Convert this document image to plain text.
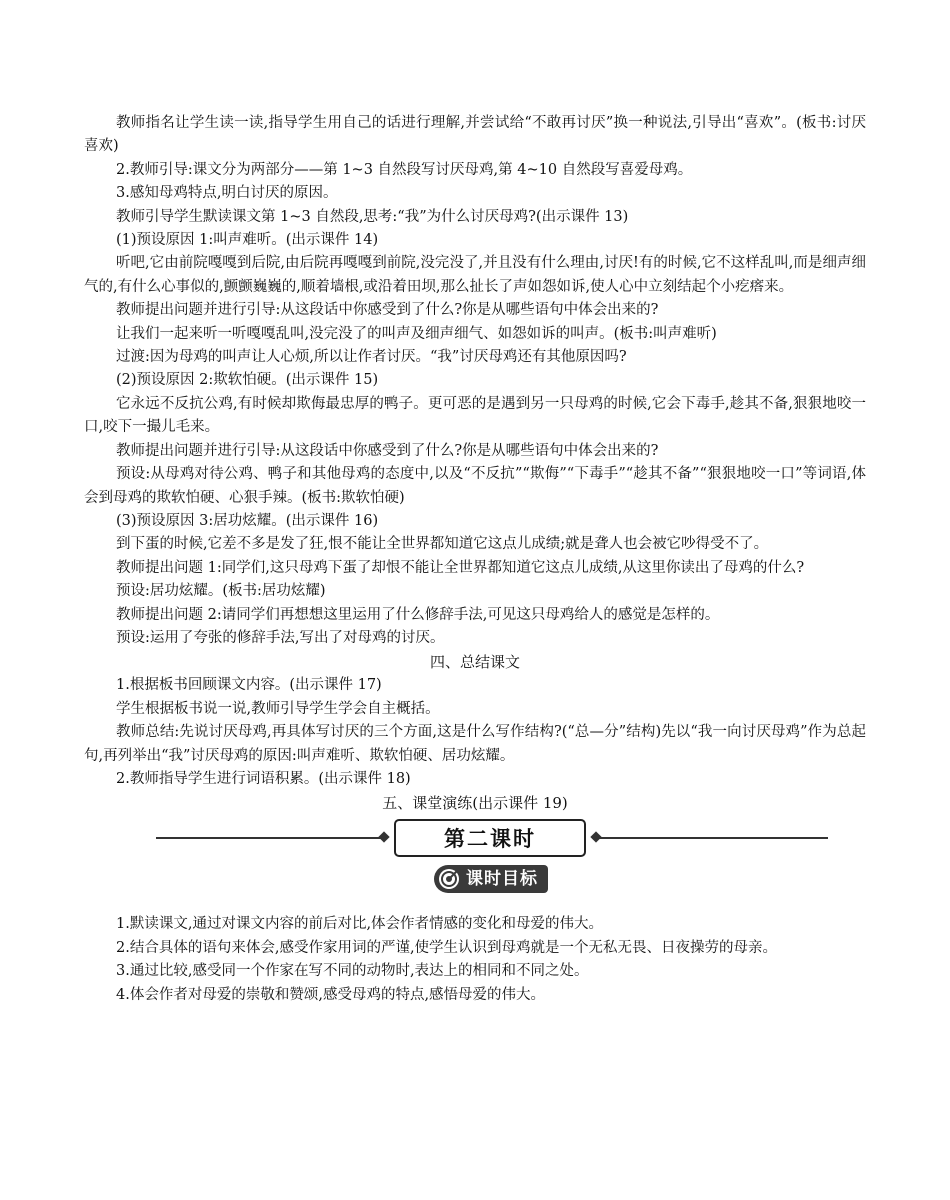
教师指名让学生读一读,指导学生用自己的话进行理解,并尝试给“不敢再讨厌”换一种说法,引导出“喜欢”。(板书:讨厌　喜欢)

2.教师引导:课文分为两部分——第 1~3 自然段写讨厌母鸡,第 4~10 自然段写喜爱母鸡。

3.感知母鸡特点,明白讨厌的原因。

教师引导学生默读课文第 1~3 自然段,思考:“我”为什么讨厌母鸡?(出示课件 13)

(1)预设原因 1:叫声难听。(出示课件 14)

听吧,它由前院嘎嘎到后院,由后院再嘎嘎到前院,没完没了,并且没有什么理由,讨厌!有的时候,它不这样乱叫,而是细声细气的,有什么心事似的,颤颤巍巍的,顺着墙根,或沿着田坝,那么扯长了声如怨如诉,使人心中立刻结起个小疙瘩来。

教师提出问题并进行引导:从这段话中你感受到了什么?你是从哪些语句中体会出来的?

让我们一起来听一听嘎嘎乱叫,没完没了的叫声及细声细气、如怨如诉的叫声。(板书:叫声难听)

过渡:因为母鸡的叫声让人心烦,所以让作者讨厌。“我”讨厌母鸡还有其他原因吗?

(2)预设原因 2:欺软怕硬。(出示课件 15)

它永远不反抗公鸡,有时候却欺侮最忠厚的鸭子。更可恶的是遇到另一只母鸡的时候,它会下毒手,趁其不备,狠狠地咬一口,咬下一撮儿毛来。

教师提出问题并进行引导:从这段话中你感受到了什么?你是从哪些语句中体会出来的?

预设:从母鸡对待公鸡、鸭子和其他母鸡的态度中,以及“不反抗”“欺侮”“下毒手”“趁其不备”“狠狠地咬一口”等词语,体会到母鸡的欺软怕硬、心狠手辣。(板书:欺软怕硬)

(3)预设原因 3:居功炫耀。(出示课件 16)

到下蛋的时候,它差不多是发了狂,恨不能让全世界都知道它这点儿成绩;就是聋人也会被它吵得受不了。

教师提出问题 1:同学们,这只母鸡下蛋了却恨不能让全世界都知道它这点儿成绩,从这里你读出了母鸡的什么?

预设:居功炫耀。(板书:居功炫耀)

教师提出问题 2:请同学们再想想这里运用了什么修辞手法,可见这只母鸡给人的感觉是怎样的。

预设:运用了夸张的修辞手法,写出了对母鸡的讨厌。

四、总结课文

1.根据板书回顾课文内容。(出示课件 17)

学生根据板书说一说,教师引导学生学会自主概括。

教师总结:先说讨厌母鸡,再具体写讨厌的三个方面,这是什么写作结构?(“总—分”结构)先以“我一向讨厌母鸡”作为总起句,再列举出“我”讨厌母鸡的原因:叫声难听、欺软怕硬、居功炫耀。

2.教师指导学生进行词语积累。(出示课件 18)

五、课堂演练(出示课件 19)

第二课时
课时目标

1.默读课文,通过对课文内容的前后对比,体会作者情感的变化和母爱的伟大。

2.结合具体的语句来体会,感受作家用词的严谨,使学生认识到母鸡就是一个无私无畏、日夜操劳的母亲。

3.通过比较,感受同一个作家在写不同的动物时,表达上的相同和不同之处。

4.体会作者对母爱的崇敬和赞颂,感受母鸡的特点,感悟母爱的伟大。
